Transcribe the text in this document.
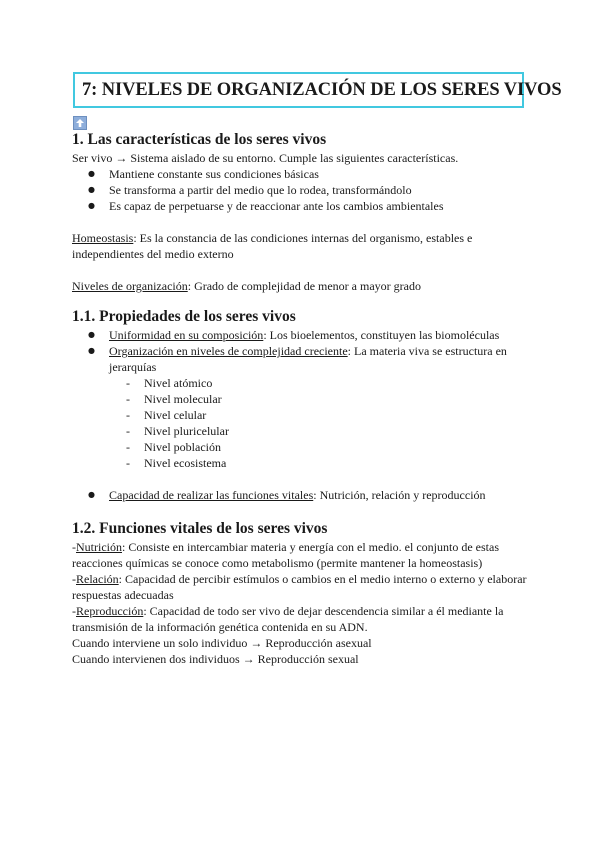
7: NIVELES DE ORGANIZACIÓN DE LOS SERES VIVOS
1. Las características de los seres vivos

Ser vivo → Sistema aislado de su entorno. Cumple las siguientes características.

● Mantiene constante sus condiciones básicas
● Se transforma a partir del medio que lo rodea, transformándolo
● Es capaz de perpetuarse y de reaccionar ante los cambios ambientales

Homeostasis: Es la constancia de las condiciones internas del organismo, estables e independientes del medio externo

Niveles de organización: Grado de complejidad de menor a mayor grado

1.1. Propiedades de los seres vivos
● Uniformidad en su composición: Los bioelementos, constituyen las biomoléculas
● Organización en niveles de complejidad creciente: La materia viva se estructura en jerarquías
- Nivel atómico
- Nivel molecular
- Nivel celular
- Nivel pluricelular
- Nivel población
- Nivel ecosistema
● Capacidad de realizar las funciones vitales: Nutrición, relación y reproducción
1.2. Funciones vitales de los seres vivos

-Nutrición: Consiste en intercambiar materia y energía con el medio. el conjunto de estas reacciones químicas se conoce como metabolismo (permite mantener la homeostasis)

-Relación: Capacidad de percibir estímulos o cambios en el medio interno o externo y elaborar respuestas adecuadas

-Reproducción: Capacidad de todo ser vivo de dejar descendencia similar a él mediante la transmisión de la información genética contenida en su ADN.

Cuando interviene un solo individuo → Reproducción asexual

Cuando intervienen dos individuos → Reproducción sexual
